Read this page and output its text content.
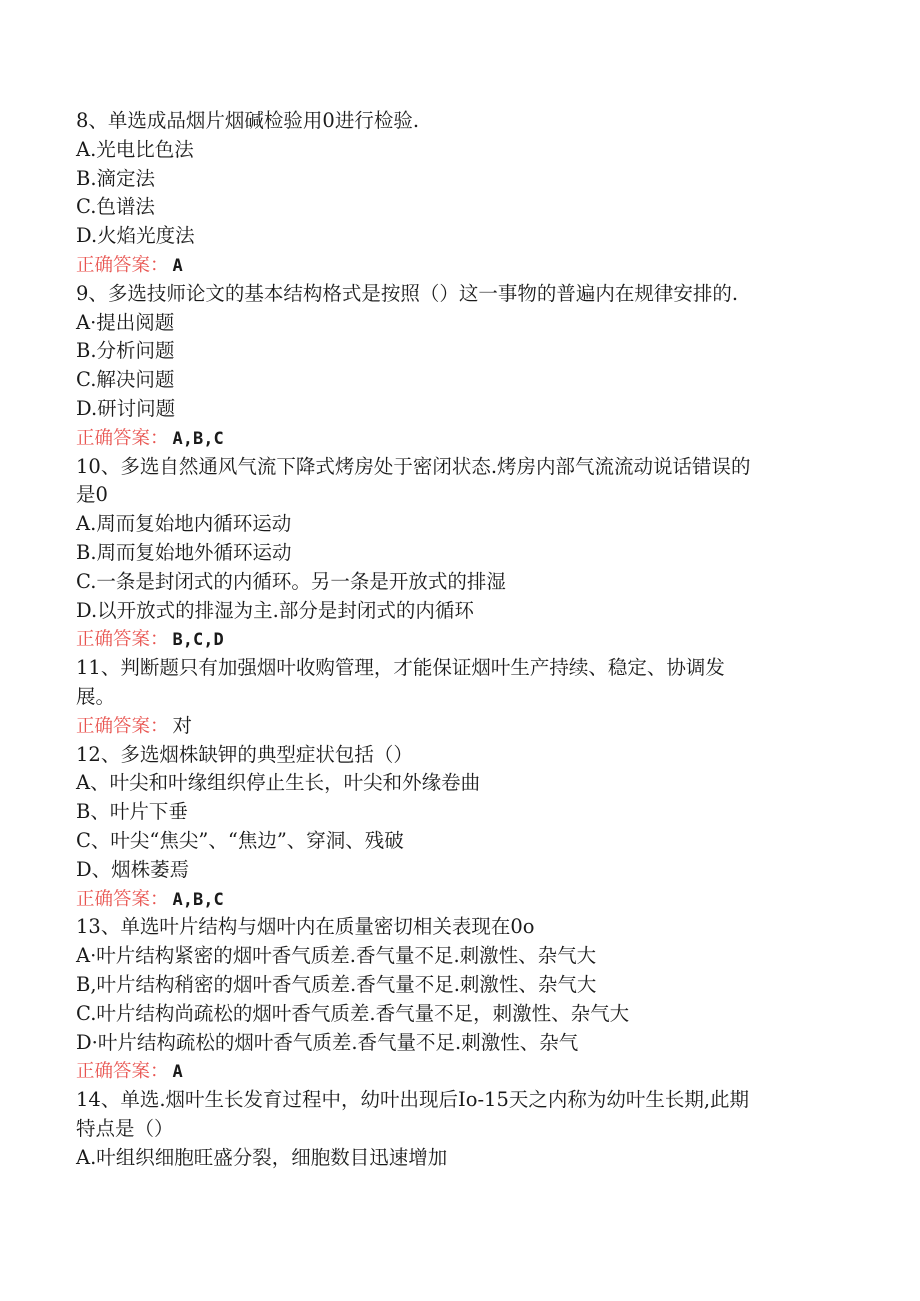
8、单选成品烟片烟碱检验用0进行检验.
A.光电比色法
B.滴定法
C.色谱法
D.火焰光度法
正确答案： A
9、多选技师论文的基本结构格式是按照（）这一事物的普遍内在规律安排的.
A·提出阅题
B.分析问题
C.解决问题
D.研讨问题
正确答案： A,B,C
10、多选自然通风气流下降式烤房处于密闭状态.烤房内部气流流动说话错误的
是0
A.周而复始地内循环运动
B.周而复始地外循环运动
C.一条是封闭式的内循环。另一条是开放式的排湿
D.以开放式的排湿为主.部分是封闭式的内循环
正确答案： B,C,D
11、判断题只有加强烟叶收购管理，才能保证烟叶生产持续、稳定、协调发
展。
正确答案： 对
12、多选烟株缺钾的典型症状包括（）
A、叶尖和叶缘组织停止生长，叶尖和外缘卷曲
B、叶片下垂
C、叶尖“焦尖”、“焦边”、穿洞、残破
D、烟株萎焉
正确答案： A,B,C
13、单选叶片结构与烟叶内在质量密切相关表现在0o
A·叶片结构紧密的烟叶香气质差.香气量不足.刺激性、杂气大
B,叶片结构稍密的烟叶香气质差.香气量不足.刺激性、杂气大
C.叶片结构尚疏松的烟叶香气质差.香气量不足，刺激性、杂气大
D·叶片结构疏松的烟叶香气质差.香气量不足.刺激性、杂气
正确答案： A
14、单选.烟叶生长发育过程中，幼叶出现后Io-15天之内称为幼叶生长期,此期
特点是（）
A.叶组织细胞旺盛分裂，细胞数目迅速增加
